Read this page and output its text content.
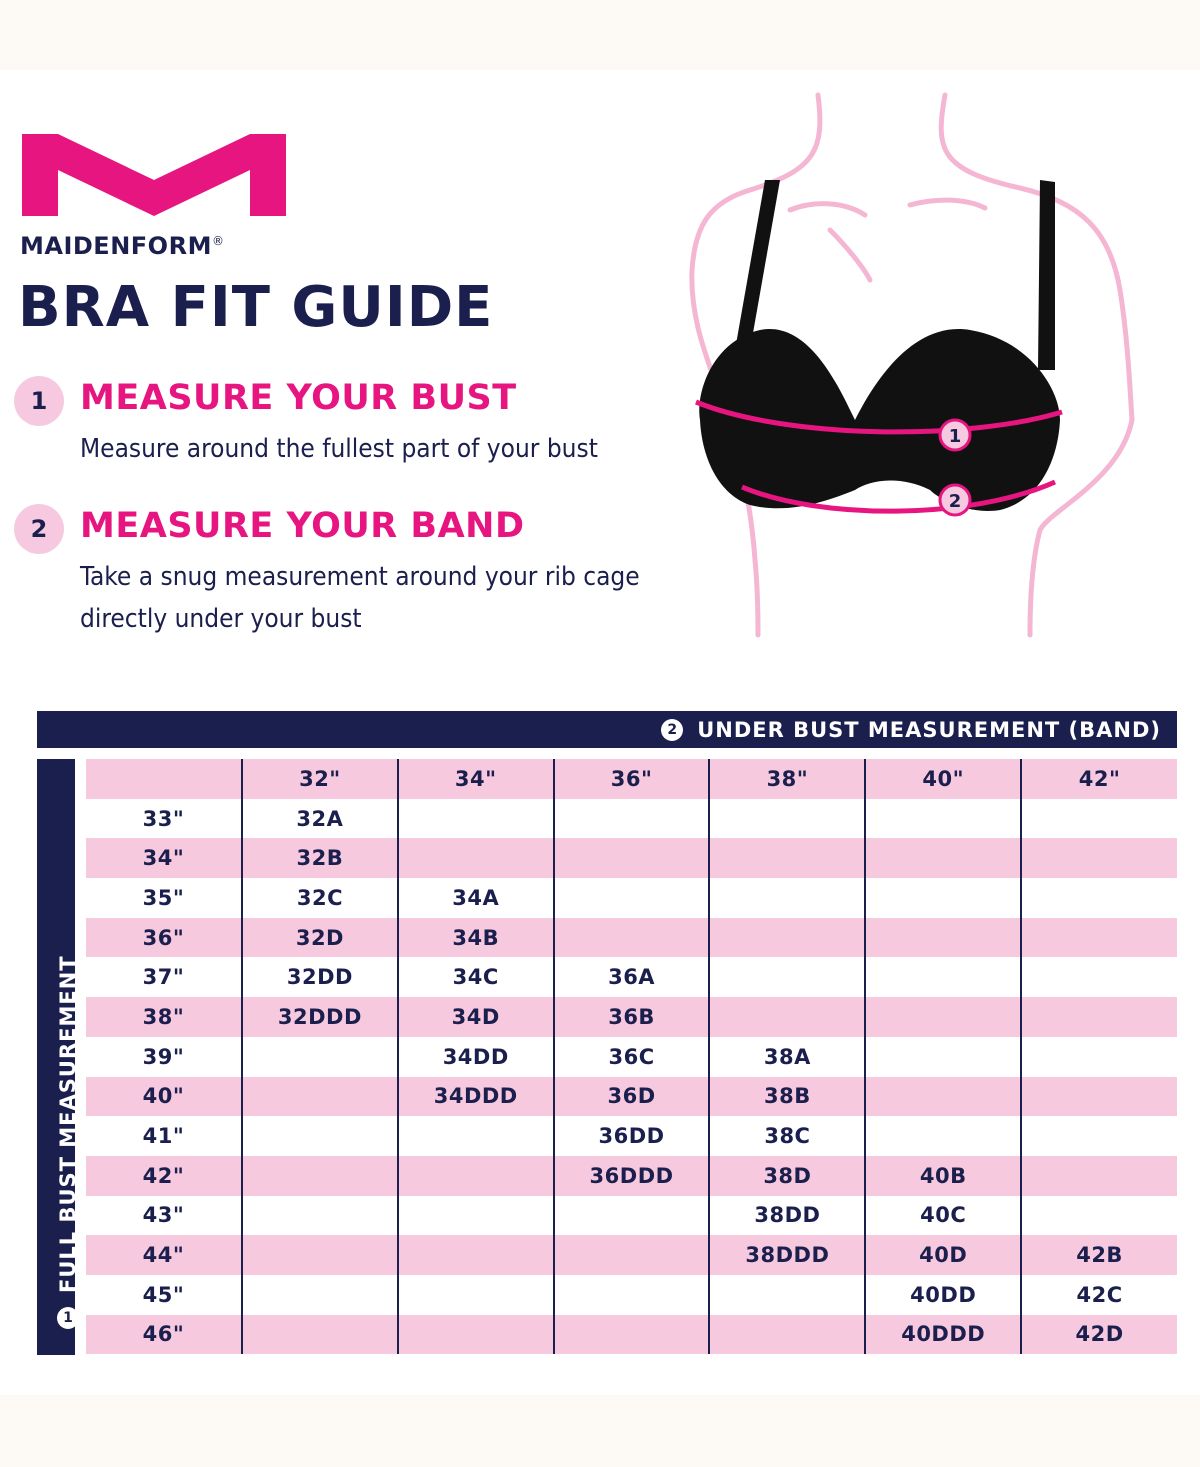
MAIDENFORM®
BRA FIT GUIDE
1 MEASURE YOUR BUST
Measure around the fullest part of your bust
2 MEASURE YOUR BAND
Take a snug measurement around your rib cage directly under your bust
1
2
2 UNDER BUST MEASUREMENT (BAND)
1
FULL BUST MEASUREMENT
	32"	34"	36"	38"	40"	42"
33"	32A					
34"	32B					
35"	32C	34A				
36"	32D	34B				
37"	32DD	34C	36A			
38"	32DDD	34D	36B			
39"		34DD	36C	38A		
40"		34DDD	36D	38B		
41"			36DD	38C		
42"			36DDD	38D	40B	
43"				38DD	40C	
44"				38DDD	40D	42B
45"					40DD	42C
46"					40DDD	42D
